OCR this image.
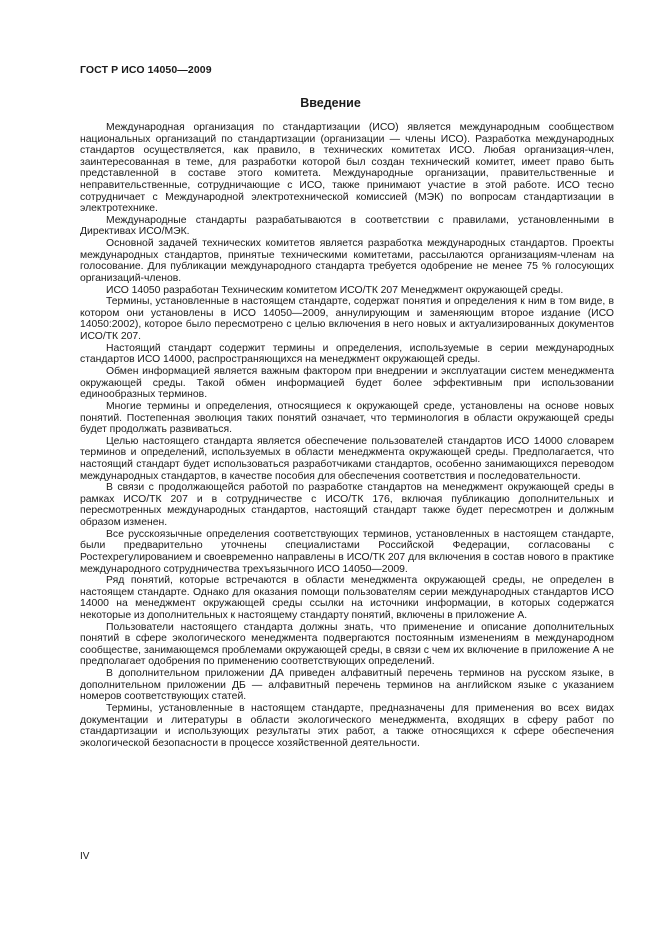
ГОСТ Р ИСО 14050—2009
Введение

Международная организация по стандартизации (ИСО) является международным сообществом национальных организаций по стандартизации (организации — члены ИСО). Разработка международных стандартов осуществляется, как правило, в технических комитетах ИСО. Любая организация-член, заинтересованная в теме, для разработки которой был создан технический комитет, имеет право быть представленной в составе этого комитета. Международные организации, правительственные и неправительственные, сотрудничающие с ИСО, также принимают участие в этой работе. ИСО тесно сотрудничает с Международной электротехнической комиссией (МЭК) по вопросам стандартизации в электротехнике.

Международные стандарты разрабатываются в соответствии с правилами, установленными в Директивах ИСО/МЭК.

Основной задачей технических комитетов является разработка международных стандартов. Проекты международных стандартов, принятые техническими комитетами, рассылаются организациям-членам на голосование. Для публикации международного стандарта требуется одобрение не менее 75 % голосующих организаций-членов.

ИСО 14050 разработан Техническим комитетом ИСО/ТК 207 Менеджмент окружающей среды.

Термины, установленные в настоящем стандарте, содержат понятия и определения к ним в том виде, в котором они установлены в ИСО 14050—2009, аннулирующим и заменяющим второе издание (ИСО 14050:2002), которое было пересмотрено с целью включения в него новых и актуализированных документов ИСО/ТК 207.

Настоящий стандарт содержит термины и определения, используемые в серии международных стандартов ИСО 14000, распространяющихся на менеджмент окружающей среды.

Обмен информацией является важным фактором при внедрении и эксплуатации систем менеджмента окружающей среды. Такой обмен информацией будет более эффективным при использовании единообразных терминов.

Многие термины и определения, относящиеся к окружающей среде, установлены на основе новых понятий. Постепенная эволюция таких понятий означает, что терминология в области окружающей среды будет продолжать развиваться.

Целью настоящего стандарта является обеспечение пользователей стандартов ИСО 14000 словарем терминов и определений, используемых в области менеджмента окружающей среды. Предполагается, что настоящий стандарт будет использоваться разработчиками стандартов, особенно занимающихся переводом международных стандартов, в качестве пособия для обеспечения соответствия и последовательности.

В связи с продолжающейся работой по разработке стандартов на менеджмент окружающей среды в рамках ИСО/ТК 207 и в сотрудничестве с ИСО/ТК 176, включая публикацию дополнительных и пересмотренных международных стандартов, настоящий стандарт также будет пересмотрен и должным образом изменен.

Все русскоязычные определения соответствующих терминов, установленных в настоящем стандарте, были предварительно уточнены специалистами Российской Федерации, согласованы с Ростехрегулированием и своевременно направлены в ИСО/ТК 207 для включения в состав нового в практике международного сотрудничества трехъязычного ИСО 14050—2009.

Ряд понятий, которые встречаются в области менеджмента окружающей среды, не определен в настоящем стандарте. Однако для оказания помощи пользователям серии международных стандартов ИСО 14000 на менеджмент окружающей среды ссылки на источники информации, в которых содержатся некоторые из дополнительных к настоящему стандарту понятий, включены в приложение А.

Пользователи настоящего стандарта должны знать, что применение и описание дополнительных понятий в сфере экологического менеджмента подвергаются постоянным изменениям в международном сообществе, занимающемся проблемами окружающей среды, в связи с чем их включение в приложение А не предполагает одобрения по применению соответствующих определений.

В дополнительном приложении ДА приведен алфавитный перечень терминов на русском языке, в дополнительном приложении ДБ — алфавитный перечень терминов на английском языке с указанием номеров соответствующих статей.

Термины, установленные в настоящем стандарте, предназначены для применения во всех видах документации и литературы в области экологического менеджмента, входящих в сферу работ по стандартизации и использующих результаты этих работ, а также относящихся к сфере обеспечения экологической безопасности в процессе хозяйственной деятельности.

IV
